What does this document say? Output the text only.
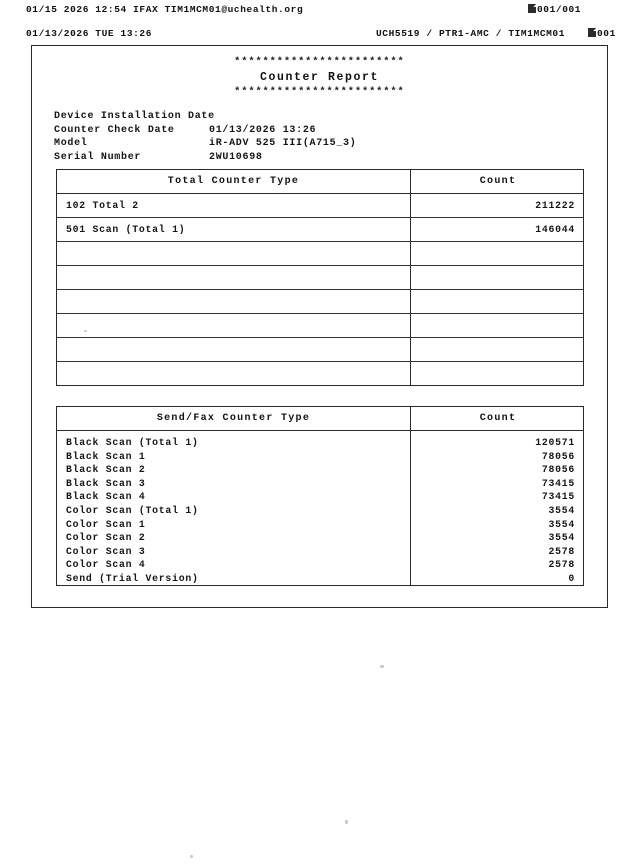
01/15 2026 12:54 IFAX TIM1MCM01@uchealth.org	001/001
01/13/2026 TUE 13:26	UCH5519 / PTR1-AMC / TIM1MCM01	001
************************
Counter Report
************************
Device Installation Date
Counter Check Date	01/13/2026 13:26
Model	iR-ADV 525 III(A715_3)
Serial Number	2WU10698
Total Counter Type	Count
102 Total 2	211222
501 Scan (Total 1)	146044
Send/Fax Counter Type	Count
Black Scan (Total 1)	120571
Black Scan 1	78056
Black Scan 2	78056
Black Scan 3	73415
Black Scan 4	73415
Color Scan (Total 1)	3554
Color Scan 1	3554
Color Scan 2	3554
Color Scan 3	2578
Color Scan 4	2578
Send (Trial Version)	0
